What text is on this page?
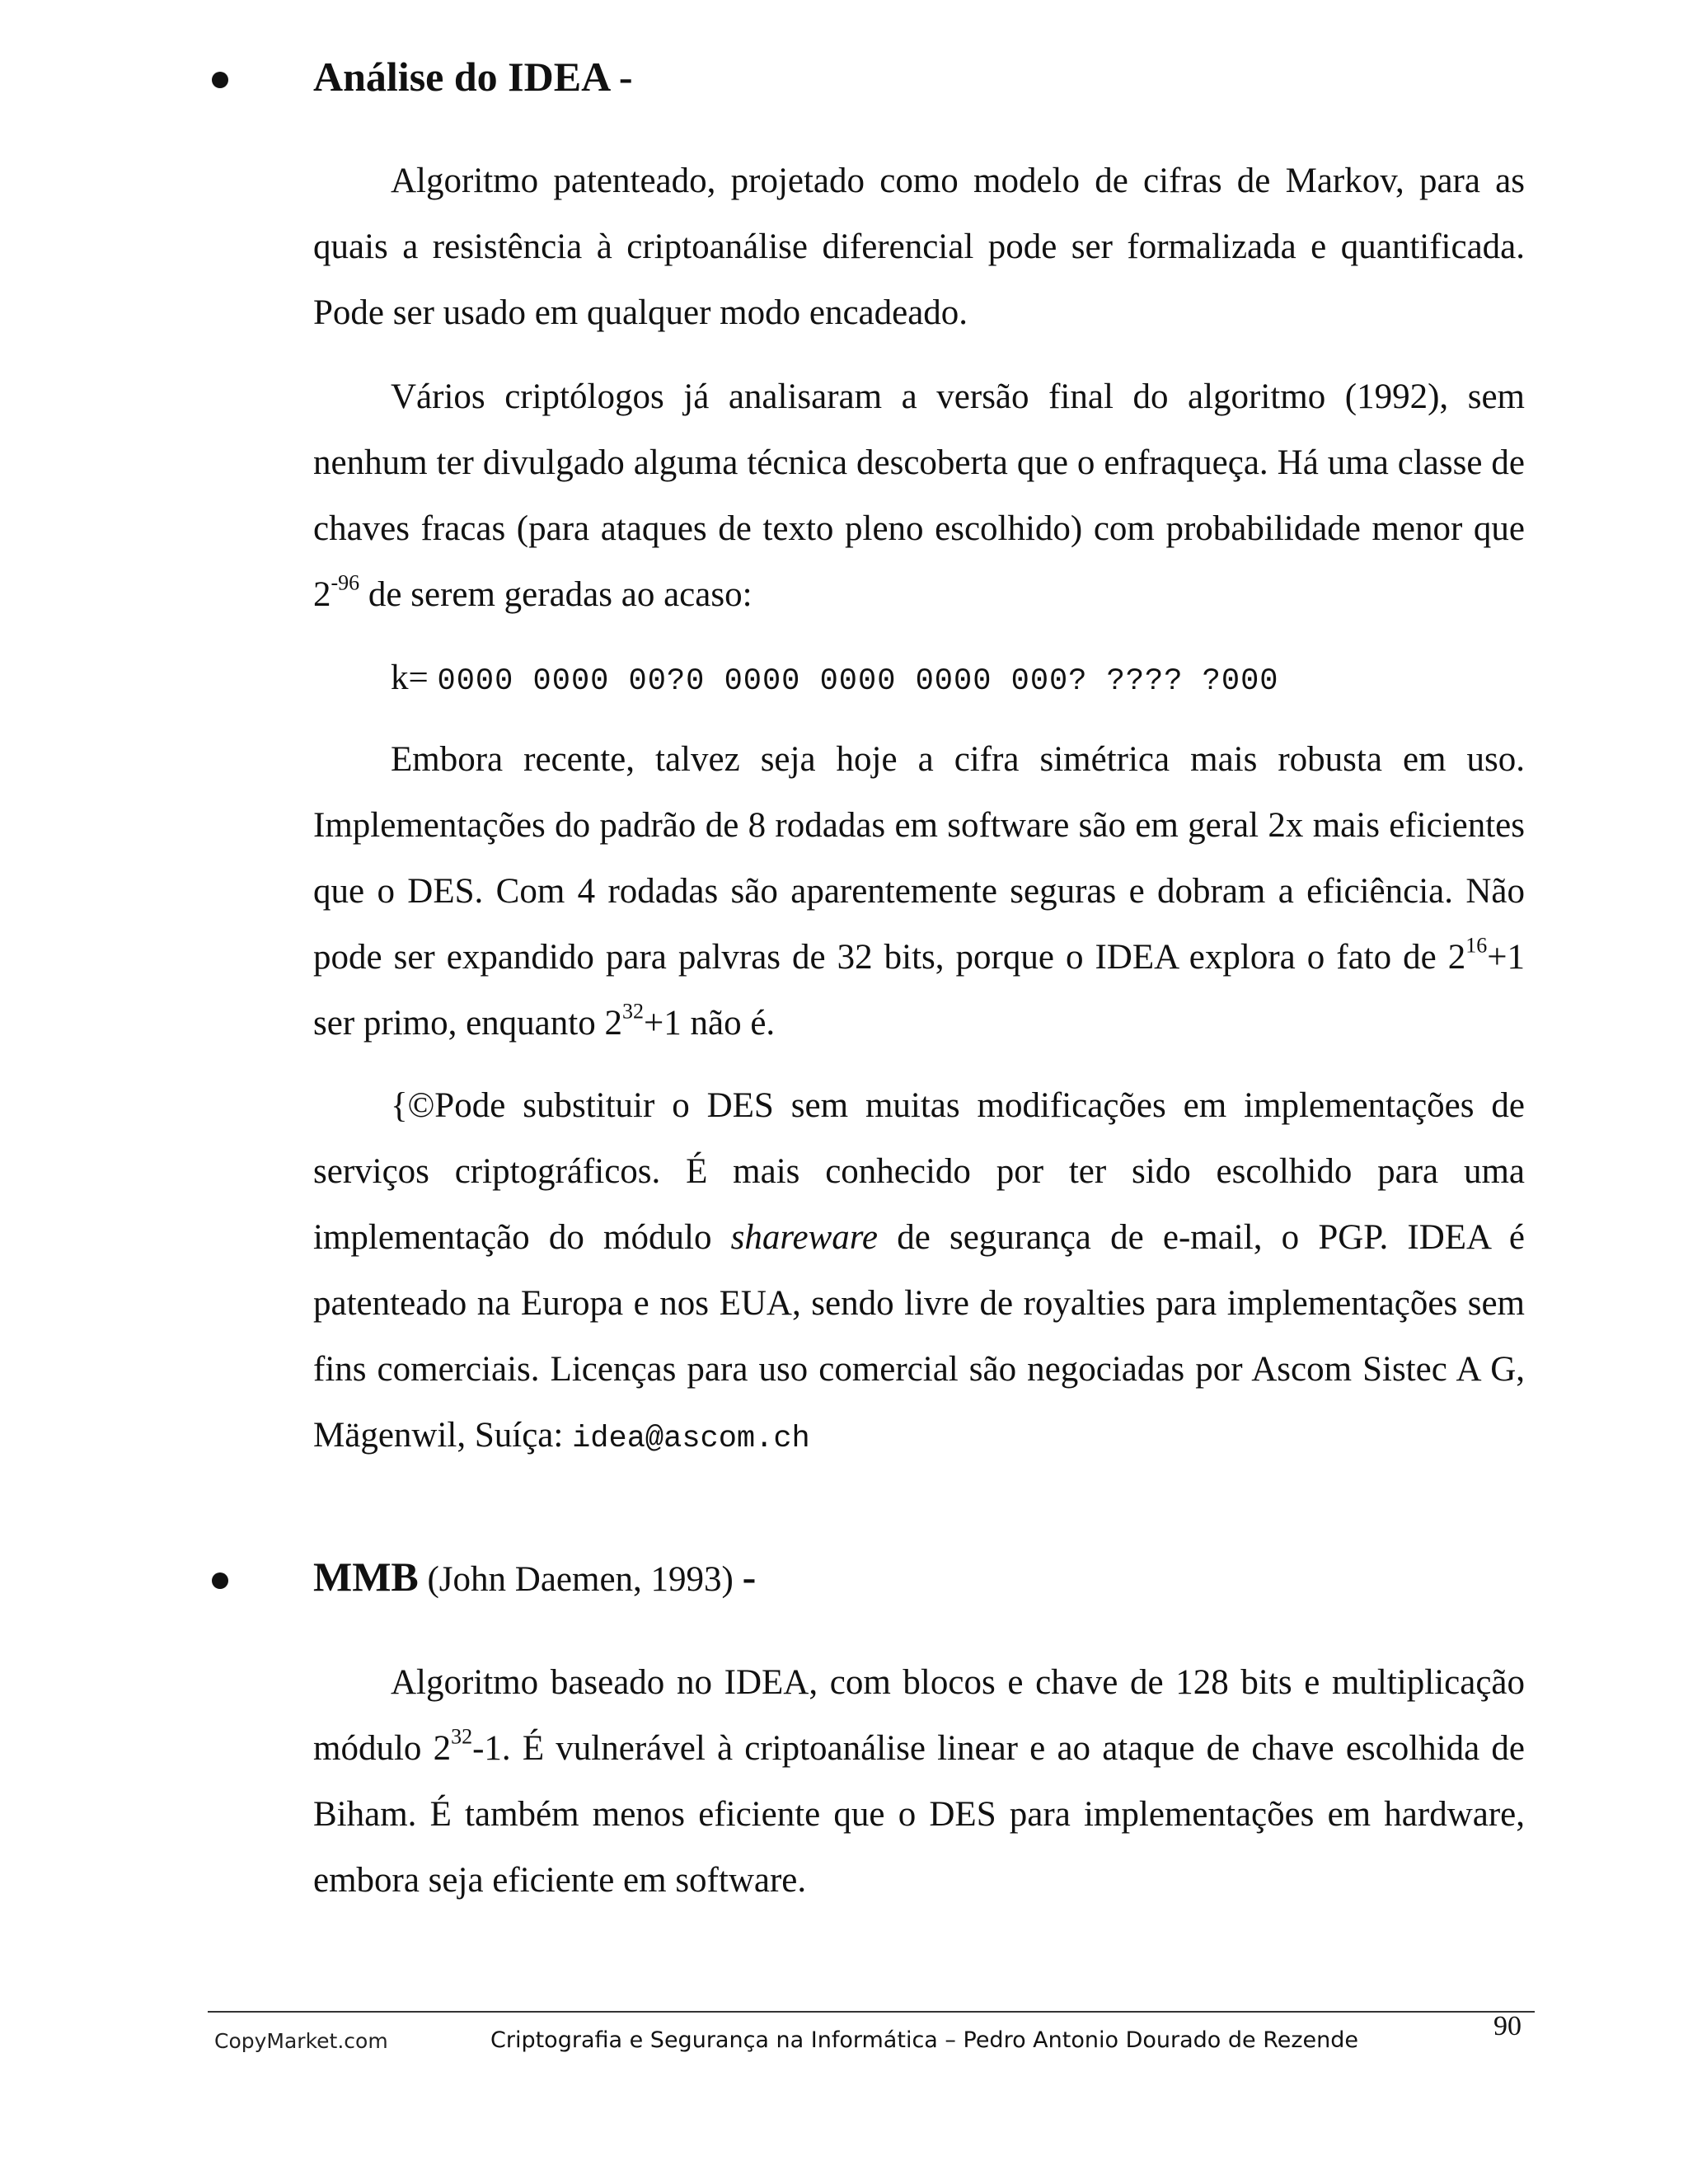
Análise do IDEA -

Algoritmo patenteado, projetado como modelo de cifras de Markov, para as quais a resistência à criptoanálise diferencial pode ser formalizada e quantificada. Pode ser usado em qualquer modo encadeado.

Vários criptólogos já analisaram a versão final do algoritmo (1992), sem nenhum ter divulgado alguma técnica descoberta que o enfraqueça. Há uma classe de chaves fracas (para ataques de texto pleno escolhido) com probabilidade menor que $2^{-96}$ de serem geradas ao acaso:

k= 0000 0000 00?0 0000 0000 0000 000? ???? ?000

Embora recente, talvez seja hoje a cifra simétrica mais robusta em uso. Implementações do padrão de 8 rodadas em software são em geral 2x mais eficientes que o DES. Com 4 rodadas são aparentemente seguras e dobram a eficiência. Não pode ser expandido para palvras de 32 bits, porque o IDEA explora o fato de $2^{16}+1$ ser primo, enquanto $2^{32}+1$ não é.

{©Pode substituir o DES sem muitas modificações em implementações de serviços criptográficos. É mais conhecido por ter sido escolhido para uma implementação do módulo shareware de segurança de e-mail, o PGP. IDEA é patenteado na Europa e nos EUA, sendo livre de royalties para implementações sem fins comerciais. Licenças para uso comercial são negociadas por Ascom Sistec A G, Mägenwil, Suíça: idea@ascom.ch

MMB (John Daemen, 1993) -

Algoritmo baseado no IDEA, com blocos e chave de 128 bits e multiplicação módulo $2^{32}-1$. É vulnerável à criptoanálise linear e ao ataque de chave escolhida de Biham. É também menos eficiente que o DES para implementações em hardware, embora seja eficiente em software.

90
CopyMarket.com	Criptografia e Segurança na Informática – Pedro Antonio Dourado de Rezende
